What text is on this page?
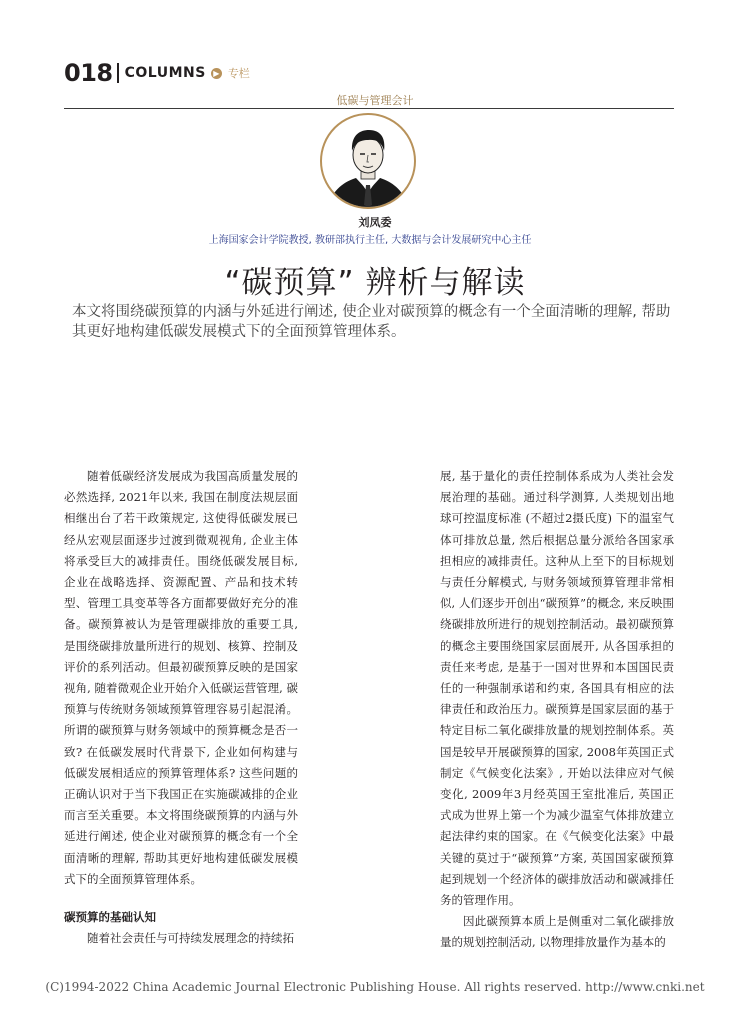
018 COLUMNS ▶ 专栏
低碳与管理会计
刘凤委
上海国家会计学院教授, 教研部执行主任, 大数据与会计发展研究中心主任
“碳预算” 辨析与解读
本文将围绕碳预算的内涵与外延进行阐述, 使企业对碳预算的概念有一个全面清晰的理解, 帮助其更好地构建低碳发展模式下的全面预算管理体系。

随着低碳经济发展成为我国高质量发展的必然选择, 2021年以来, 我国在制度法规层面相继出台了若干政策规定, 这使得低碳发展已经从宏观层面逐步过渡到微观视角, 企业主体将承受巨大的减排责任。围绕低碳发展目标, 企业在战略选择、资源配置、产品和技术转型、管理工具变革等各方面都要做好充分的准备。碳预算被认为是管理碳排放的重要工具, 是围绕碳排放量所进行的规划、核算、控制及评价的系列活动。但最初碳预算反映的是国家视角, 随着微观企业开始介入低碳运营管理, 碳预算与传统财务领域预算管理容易引起混淆。所谓的碳预算与财务领域中的预算概念是否一致? 在低碳发展时代背景下, 企业如何构建与低碳发展相适应的预算管理体系? 这些问题的正确认识对于当下我国正在实施碳减排的企业而言至关重要。本文将围绕碳预算的内涵与外延进行阐述, 使企业对碳预算的概念有一个全面清晰的理解, 帮助其更好地构建低碳发展模式下的全面预算管理体系。

碳预算的基础认知

随着社会责任与可持续发展理念的持续拓

展, 基于量化的责任控制体系成为人类社会发展治理的基础。通过科学测算, 人类规划出地球可控温度标准 (不超过2摄氏度) 下的温室气体可排放总量, 然后根据总量分派给各国家承担相应的减排责任。这种从上至下的目标规划与责任分解模式, 与财务领域预算管理非常相似, 人们逐步开创出“碳预算”的概念, 来反映围绕碳排放所进行的规划控制活动。最初碳预算的概念主要围绕国家层面展开, 从各国承担的责任来考虑, 是基于一国对世界和本国国民责任的一种强制承诺和约束, 各国具有相应的法律责任和政治压力。碳预算是国家层面的基于特定目标二氧化碳排放量的规划控制体系。英国是较早开展碳预算的国家, 2008年英国正式制定《气候变化法案》, 开始以法律应对气候变化, 2009年3月经英国王室批准后, 英国正式成为世界上第一个为减少温室气体排放建立起法律约束的国家。在《气候变化法案》中最关键的莫过于“碳预算”方案, 英国国家碳预算起到规划一个经济体的碳排放活动和碳减排任务的管理作用。

因此碳预算本质上是侧重对二氧化碳排放量的规划控制活动, 以物理排放量作为基本的

(C)1994-2022 China Academic Journal Electronic Publishing House. All rights reserved. http://www.cnki.net
